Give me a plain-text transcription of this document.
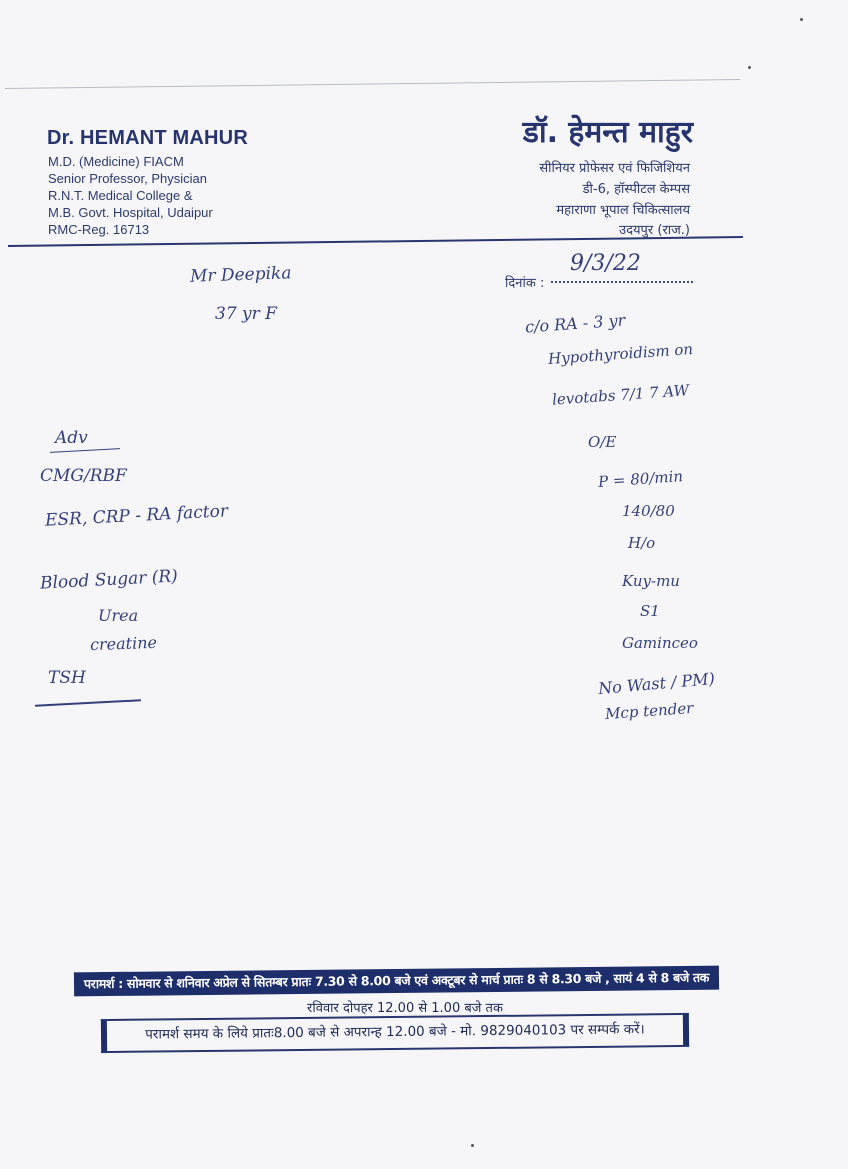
Dr. HEMANT MAHUR
M.D. (Medicine) FIACM
Senior Professor, Physician
R.N.T. Medical College &
M.B. Govt. Hospital, Udaipur
RMC-Reg. 16713
डॉ. हेमन्त माहुर
सीनियर प्रोफेसर एवं फिजिशियन
डी-6, हॉस्पीटल केम्पस
महाराणा भूपाल चिकित्सालय
उदयपुर (राज.)
दिनांक :
9/3/22
Mr Deepika
37 yr F
Adv
CMG/RBF
ESR, CRP - RA factor
Blood Sugar (R)
Urea
creatine
TSH
c/o RA - 3 yr
Hypothyroidism on
levotabs 7/1 7 AW
O/E
P = 80/min
140/80
H/o
Kuy-mu
S1
Gaminceo
No Wast / PM)
Mcp tender
परामर्श : सोमवार से शनिवार अप्रेल से सितम्बर प्रातः 7.30 से 8.00 बजे एवं अक्टूबर से मार्च प्रातः 8 से 8.30 बजे , सायं 4 से 8 बजे तक
रविवार दोपहर 12.00 से 1.00 बजे तक
परामर्श समय के लिये प्रातः8.00 बजे से अपरान्ह 12.00 बजे - मो. 9829040103 पर सम्पर्क करें।
